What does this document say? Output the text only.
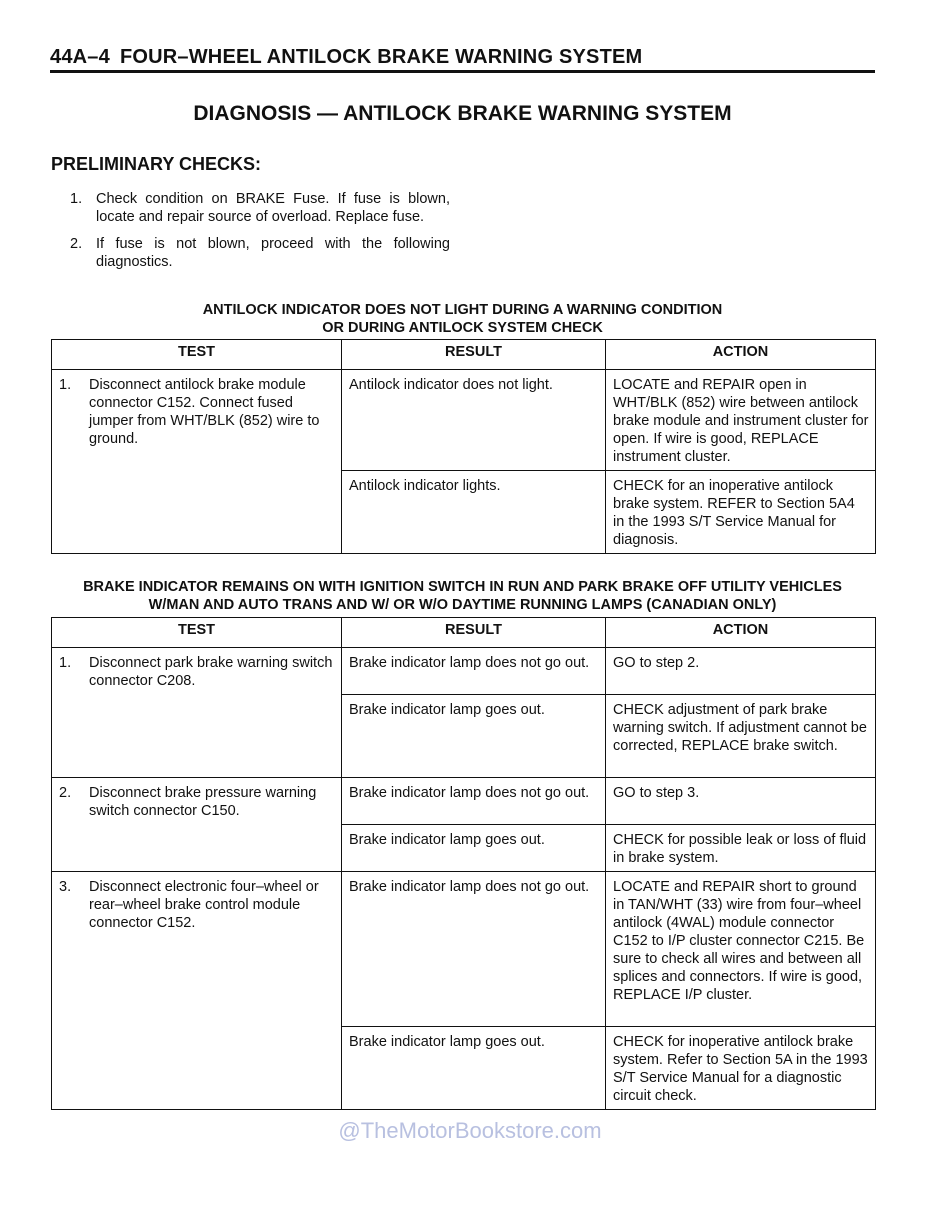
44A–4 FOUR–WHEEL ANTILOCK BRAKE WARNING SYSTEM
DIAGNOSIS — ANTILOCK BRAKE WARNING SYSTEM
PRELIMINARY CHECKS:
1. Check condition on BRAKE Fuse. If fuse is blown, locate and repair source of overload. Replace fuse.
2. If fuse is not blown, proceed with the following diagnostics.
ANTILOCK INDICATOR DOES NOT LIGHT DURING A WARNING CONDITION
OR DURING ANTILOCK SYSTEM CHECK
TEST	RESULT	ACTION

1. Disconnect antilock brake module connector C152. Connect fused jumper from WHT/BLK (852) wire to ground.	Antilock indicator does not light.	LOCATE and REPAIR open in WHT/BLK (852) wire between antilock brake module and instrument cluster for open. If wire is good, REPLACE instrument cluster.
	Antilock indicator lights.	CHECK for an inoperative antilock brake system. REFER to Section 5A4 in the 1993 S/T Service Manual for diagnosis.
BRAKE INDICATOR REMAINS ON WITH IGNITION SWITCH IN RUN AND PARK BRAKE OFF UTILITY VEHICLES
W/MAN AND AUTO TRANS AND W/ OR W/O DAYTIME RUNNING LAMPS (CANADIAN ONLY)
TEST	RESULT	ACTION

1. Disconnect park brake warning switch connector C208.	Brake indicator lamp does not go out.	GO to step 2.
	Brake indicator lamp goes out.	CHECK adjustment of park brake warning switch. If adjustment cannot be corrected, REPLACE brake switch.

2. Disconnect brake pressure warning switch connector C150.	Brake indicator lamp does not go out.	GO to step 3.
	Brake indicator lamp goes out.	CHECK for possible leak or loss of fluid in brake system.

3. Disconnect electronic four–wheel or rear–wheel brake control module connector C152.	Brake indicator lamp does not go out.	LOCATE and REPAIR short to ground in TAN/WHT (33) wire from four–wheel antilock (4WAL) module connector C152 to I/P cluster connector C215. Be sure to check all wires and between all splices and connectors. If wire is good, REPLACE I/P cluster.
	Brake indicator lamp goes out.	CHECK for inoperative antilock brake system. Refer to Section 5A in the 1993 S/T Service Manual for a diagnostic circuit check.
@TheMotorBookstore.com
